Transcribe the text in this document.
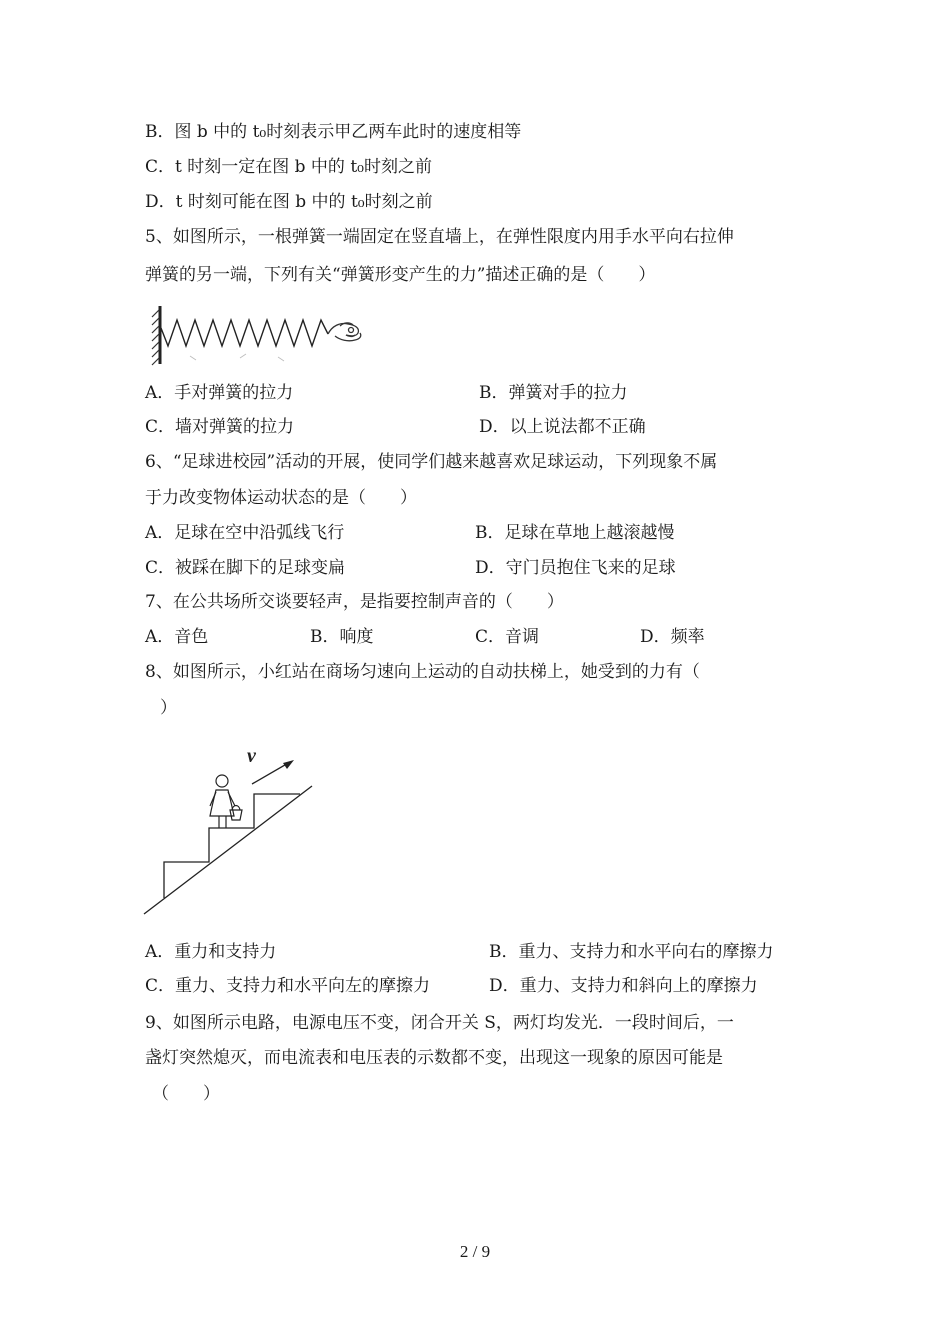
B．图 b 中的 t₀时刻表示甲乙两车此时的速度相等
C．t 时刻一定在图 b 中的 t₀时刻之前
D．t 时刻可能在图 b 中的 t₀时刻之前
5、如图所示，一根弹簧一端固定在竖直墙上，在弹性限度内用手水平向右拉伸
弹簧的另一端，下列有关“弹簧形变产生的力”描述正确的是（　　）
A．手对弹簧的拉力	B．弹簧对手的拉力
C．墙对弹簧的拉力	D．以上说法都不正确
6、“足球进校园”活动的开展，使同学们越来越喜欢足球运动，下列现象不属
于力改变物体运动状态的是（　　）
A．足球在空中沿弧线飞行	B．足球在草地上越滚越慢
C．被踩在脚下的足球变扁	D．守门员抱住飞来的足球
7、在公共场所交谈要轻声，是指要控制声音的（　　）
A．音色	B．响度	C．音调	D．频率
8、如图所示，小红站在商场匀速向上运动的自动扶梯上，她受到的力有（
）
v
A．重力和支持力	B．重力、支持力和水平向右的摩擦力
C．重力、支持力和水平向左的摩擦力	D．重力、支持力和斜向上的摩擦力
9、如图所示电路，电源电压不变，闭合开关 S，两灯均发光．一段时间后，一
盏灯突然熄灭，而电流表和电压表的示数都不变，出现这一现象的原因可能是
（　　）
2 / 9
